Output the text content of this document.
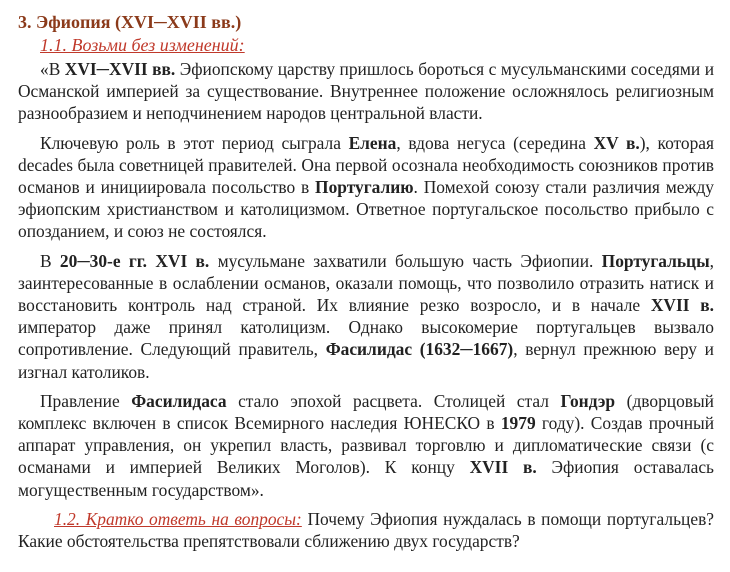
3. Эфиопия (XVI─XVII вв.)

1.1. Возьми без изменений:

«В XVI─XVII вв. Эфиопскому царству пришлось бороться с мусульманскими соседями и Османской империей за существование. Внутреннее положение осложнялось религиозным разнообразием и неподчинением народов центральной власти.

Ключевую роль в этот период сыграла Елена, вдова негуса (середина XV в.), которая decades была советницей правителей. Она первой осознала необходимость союзников против османов и инициировала посольство в Португалию. Помехой союзу стали различия между эфиопским христианством и католицизмом. Ответное португальское посольство прибыло с опозданием, и союз не состоялся.

В 20─30-е гг. XVI в. мусульмане захватили большую часть Эфиопии. Португальцы, заинтересованные в ослаблении османов, оказали помощь, что позволило отразить натиск и восстановить контроль над страной. Их влияние резко возросло, и в начале XVII в. император даже принял католицизм. Однако высокомерие португальцев вызвало сопротивление. Следующий правитель, Фасилидас (1632─1667), вернул прежнюю веру и изгнал католиков.

Правление Фасилидаса стало эпохой расцвета. Столицей стал Гондэр (дворцовый комплекс включен в список Всемирного наследия ЮНЕСКО в 1979 году). Создав прочный аппарат управления, он укрепил власть, развивал торговлю и дипломатические связи (с османами и империей Великих Моголов). К концу XVII в. Эфиопия оставалась могущественным государством».

1.2. Кратко ответь на вопросы: Почему Эфиопия нуждалась в помощи португальцев? Какие обстоятельства препятствовали сближению двух государств?
